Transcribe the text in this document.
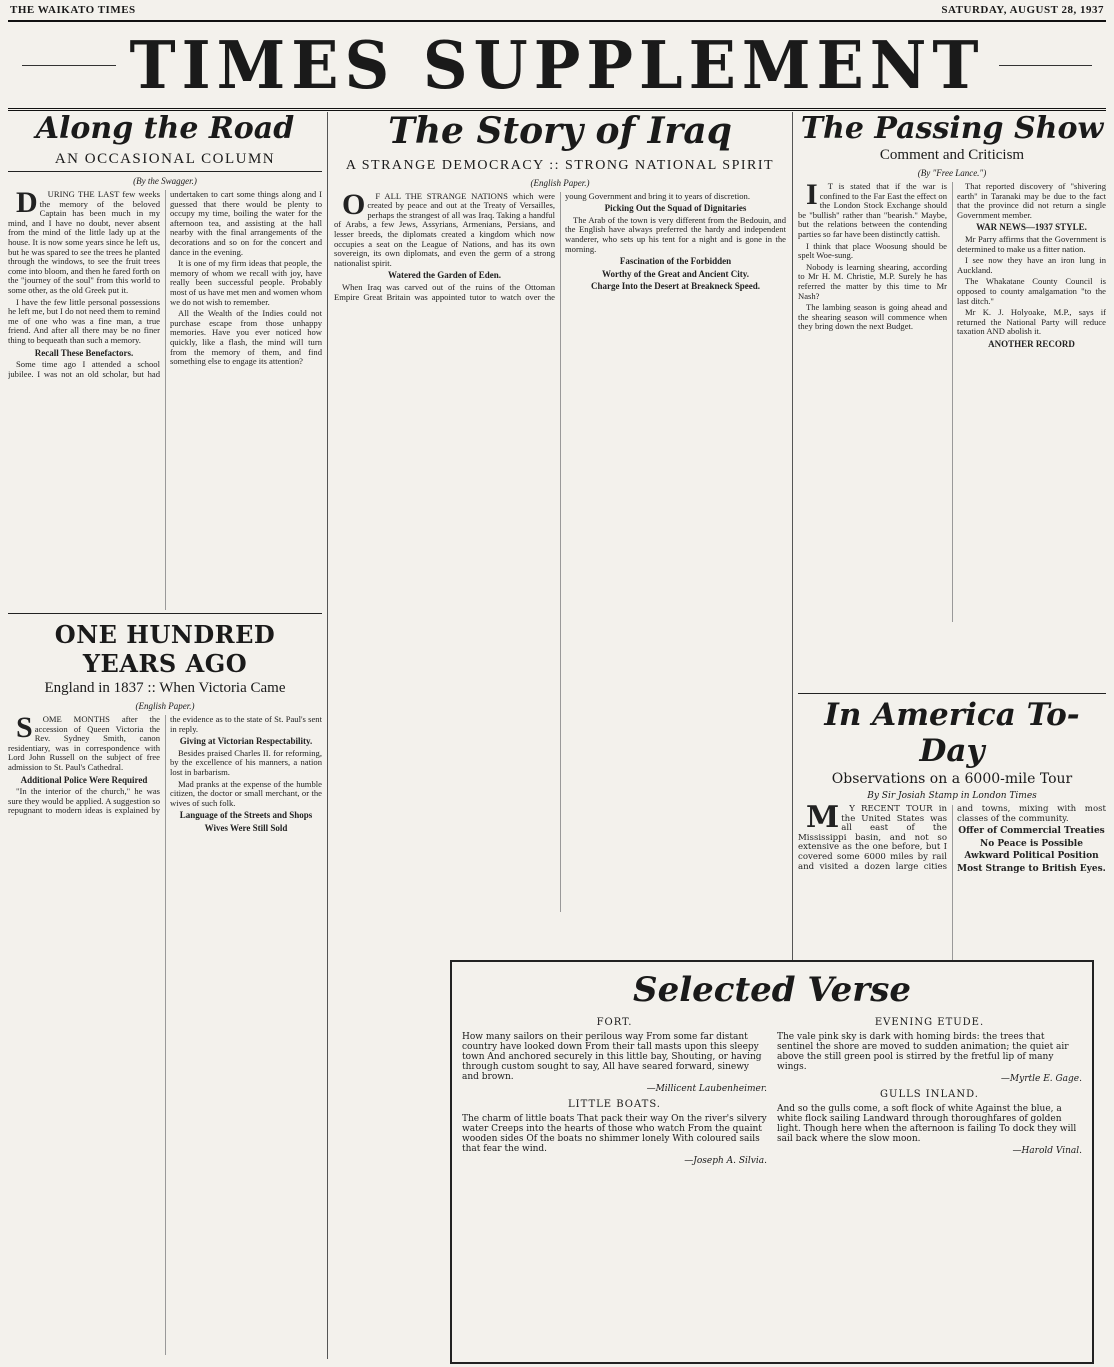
THE WAIKATO TIMES	SATURDAY, AUGUST 28, 1937
TIMES SUPPLEMENT
Along the Road
AN OCCASIONAL COLUMN
(By the Swagger.)

DURING THE LAST few weeks the memory of the beloved Captain has been much in my mind, and I have no doubt, never absent from the mind of the little lady up at the house. It is now some years since he left us, but he was spared to see the trees he planted through the windows, to see the fruit trees come into bloom, and then he fared forth on the "journey of the soul" from this world to some other, as the old Greek put it.

I have the few little personal possessions he left me, but I do not need them to remind me of one who was a fine man, a true friend. And after all there may be no finer thing to bequeath than such a memory.

Recall These Benefactors.

Some time ago I attended a school jubilee. I was not an old scholar, but had undertaken to cart some things along and I guessed that there would be plenty to occupy my time, boiling the water for the afternoon tea, and assisting at the hall nearby with the final arrangements of the decorations and so on for the concert and dance in the evening.

It is one of my firm ideas that people, the memory of whom we recall with joy, have really been successful people. Probably most of us have met men and women whom we do not wish to remember.

All the Wealth of the Indies could not purchase escape from those unhappy memories. Have you ever noticed how quickly, like a flash, the mind will turn from the memory of them, and find something else to engage its attention?

ONE HUNDRED YEARS AGO
England in 1837 :: When Victoria Came
(English Paper.)

SOME MONTHS after the accession of Queen Victoria the Rev. Sydney Smith, canon residentiary, was in correspondence with Lord John Russell on the subject of free admission to St. Paul's Cathedral.

Additional Police Were Required

"In the interior of the church," he was sure they would be applied. A suggestion so repugnant to modern ideas is explained by the evidence as to the state of St. Paul's sent in reply.

Giving at Victorian Respectability.

Besides praised Charles II. for reforming, by the excellence of his manners, a nation lost in barbarism.

Mad pranks at the expense of the humble citizen, the doctor or small merchant, or the wives of such folk.

Language of the Streets and Shops
Wives Were Still Sold
The Story of Iraq
A STRANGE DEMOCRACY :: STRONG NATIONAL SPIRIT
(English Paper.)

OF ALL THE STRANGE NATIONS which were created by peace and out at the Treaty of Versailles, perhaps the strangest of all was Iraq. Taking a handful of Arabs, a few Jews, Assyrians, Armenians, Persians, and lesser breeds, the diplomats created a kingdom which now occupies a seat on the League of Nations, and has its own sovereign, its own diplomats, and even the germ of a strong nationalist spirit.

Watered the Garden of Eden.

When Iraq was carved out of the ruins of the Ottoman Empire Great Britain was appointed tutor to watch over the young Government and bring it to years of discretion.

Picking Out the Squad of Dignitaries

The Arab of the town is very different from the Bedouin, and the English have always preferred the hardy and independent wanderer, who sets up his tent for a night and is gone in the morning.

Fascination of the Forbidden
Worthy of the Great and Ancient City.
Charge Into the Desert at Breakneck Speed.
The Passing Show
Comment and Criticism
(By "Free Lance.")

IT is stated that if the war is confined to the Far East the effect on the London Stock Exchange should be "bullish" rather than "bearish." Maybe, but the relations between the contending parties so far have been distinctly cattish.

I think that place Woosung should be spelt Woe-sung.

Nobody is learning shearing, according to Mr H. M. Christie, M.P. Surely he has referred the matter by this time to Mr Nash?

The lambing season is going ahead and the shearing season will commence when they bring down the next Budget.

That reported discovery of "shivering earth" in Taranaki may be due to the fact that the province did not return a single Government member.

WAR NEWS—1937 STYLE.

Mr Parry affirms that the Government is determined to make us a fitter nation.

I see now they have an iron lung in Auckland.

The Whakatane County Council is opposed to county amalgamation "to the last ditch."

Mr K. J. Holyoake, M.P., says if returned the National Party will reduce taxation AND abolish it.

ANOTHER RECORD
In America To-Day
Observations on a 6000-mile Tour
By Sir Josiah Stamp in London Times

MY RECENT TOUR in the United States was all east of the Mississippi basin, and not so extensive as the one before, but I covered some 6000 miles by rail and visited a dozen large cities and towns, mixing with most classes of the community.

Offer of Commercial Treaties
No Peace is Possible
Awkward Political Position
Most Strange to British Eyes.
Selected Verse
FORT.
How many sailors on their perilous way From some far distant country have looked down From their tall masts upon this sleepy town And anchored securely in this little bay, Shouting, or having through custom sought to say, All have seared forward, sinewy and brown.
—Millicent Laubenheimer.
LITTLE BOATS.
The charm of little boats That pack their way On the river's silvery water Creeps into the hearts of those who watch From the quaint wooden sides Of the boats no shimmer lonely With coloured sails that fear the wind.
—Joseph A. Silvia.
EVENING ETUDE.
The vale pink sky is dark with homing birds: the trees that sentinel the shore are moved to sudden animation; the quiet air above the still green pool is stirred by the fretful lip of many wings.
—Myrtle E. Gage.
GULLS INLAND.
And so the gulls come, a soft flock of white Against the blue, a white flock sailing Landward through thoroughfares of golden light. Though here when the afternoon is failing To dock they will sail back where the slow moon.
—Harold Vinal.
